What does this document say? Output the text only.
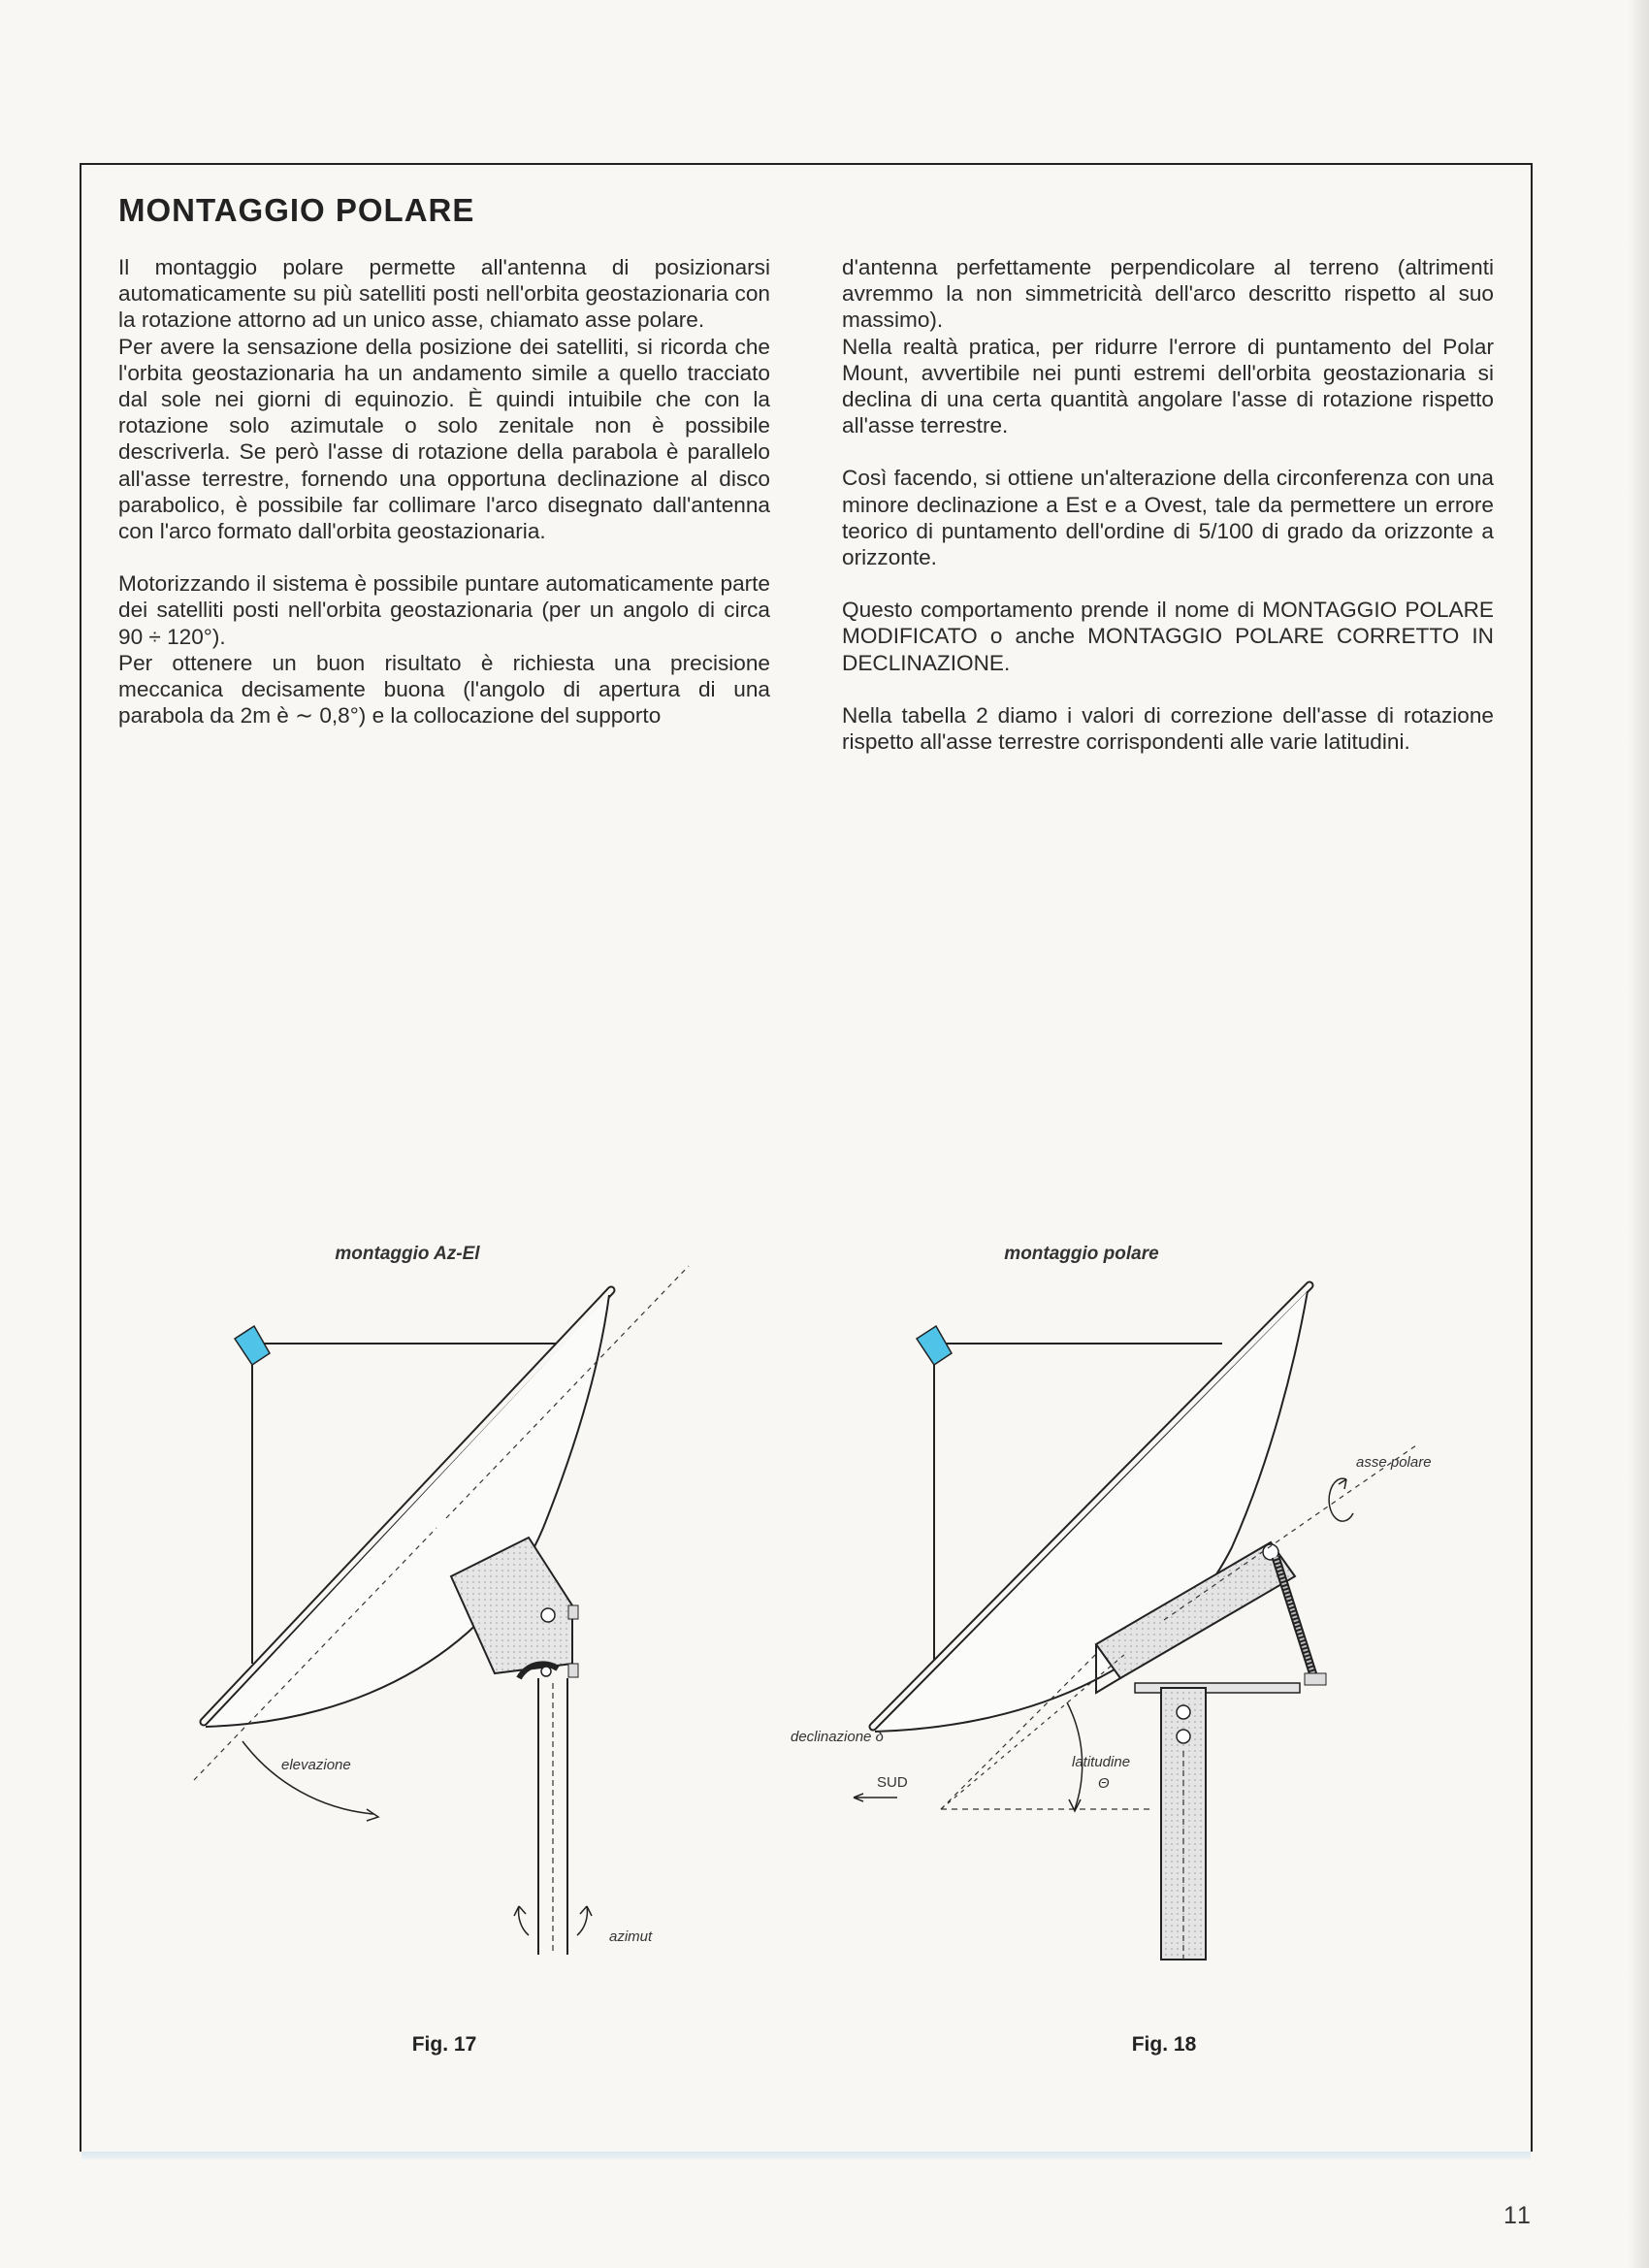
MONTAGGIO POLARE

Il montaggio polare permette all'antenna di posizionarsi automaticamente su più satelliti posti nell'orbita geostazionaria con la rotazione attorno ad un unico asse, chiamato asse polare.

Per avere la sensazione della posizione dei satelliti, si ricorda che l'orbita geostazionaria ha un andamento simile a quello tracciato dal sole nei giorni di equinozio. È quindi intuibile che con la rotazione solo azimutale o solo zenitale non è possibile descriverla. Se però l'asse di rotazione della parabola è parallelo all'asse terrestre, fornendo una opportuna declinazione al disco parabolico, è possibile far collimare l'arco disegnato dall'antenna con l'arco formato dall'orbita geostazionaria.

Motorizzando il sistema è possibile puntare automaticamente parte dei satelliti posti nell'orbita geostazionaria (per un angolo di circa 90 ÷ 120°).

Per ottenere un buon risultato è richiesta una precisione meccanica decisamente buona (l'angolo di apertura di una parabola da 2m è ∼ 0,8°) e la collocazione del supporto

d'antenna perfettamente perpendicolare al terreno (altrimenti avremmo la non simmetricità dell'arco descritto rispetto al suo massimo).

Nella realtà pratica, per ridurre l'errore di puntamento del Polar Mount, avvertibile nei punti estremi dell'orbita geostazionaria si declina di una certa quantità angolare l'asse di rotazione rispetto all'asse terrestre.

Così facendo, si ottiene un'alterazione della circonferenza con una minore declinazione a Est e a Ovest, tale da permettere un errore teorico di puntamento dell'ordine di 5/100 di grado da orizzonte a orizzonte.

Questo comportamento prende il nome di MONTAGGIO POLARE MODIFICATO o anche MONTAGGIO POLARE CORRETTO IN DECLINAZIONE.

Nella tabella 2 diamo i valori di correzione dell'asse di rotazione rispetto all'asse terrestre corrispondenti alle varie latitudini.

montaggio Az-El	montaggio polare
elevazione
azimut
asse polare
declinazione δ
latitudine
Θ
SUD
Fig. 17	Fig. 18
11
